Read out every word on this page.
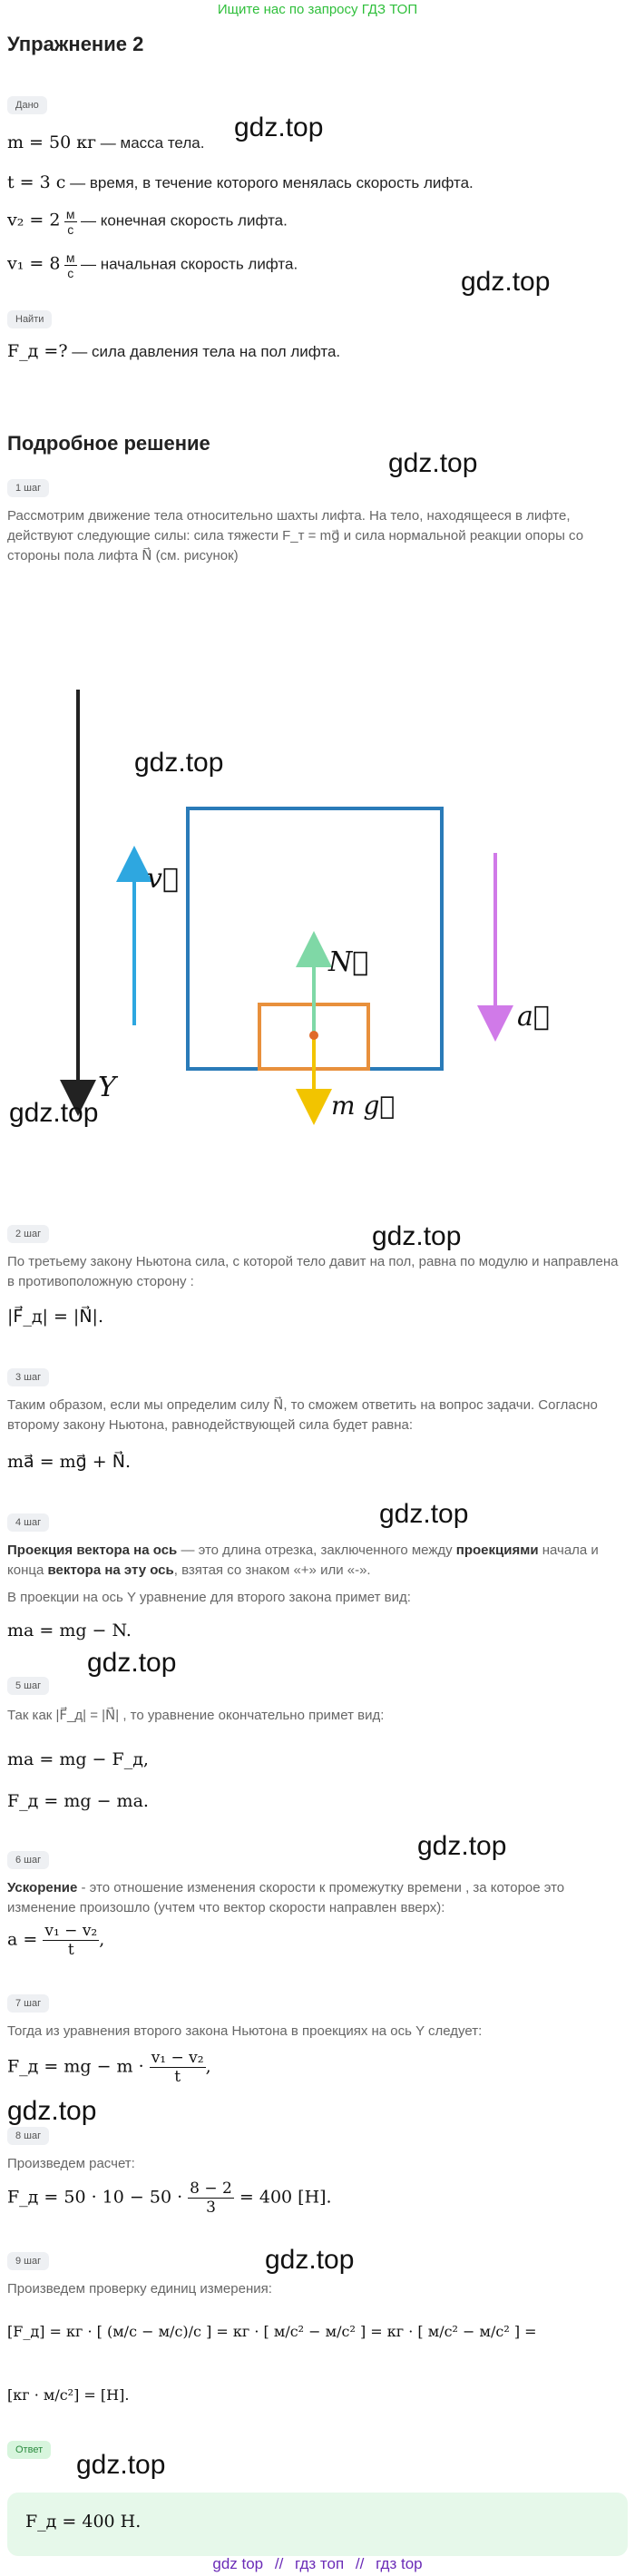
Ищите нас по запросу ГДЗ ТОП
Упражнение 2
Дано
m = 50 кг — масса тела.
t = 3 с — время, в течение которого менялась скорость лифта.
$v_2 = 2 \frac{м}{с}$ — конечная скорость лифта.
$v_1 = 8 \frac{м}{с}$ — начальная скорость лифта.
Найти
F_д =? — сила давления тела на пол лифта.
Подробное решение
1 шаг
Рассмотрим движение тела относительно шахты лифта. На тело, находящееся в лифте, действуют следующие силы: сила тяжести F_т = mg⃗ и сила нормальной реакции опоры со стороны пола лифта N⃗ (см. рисунок)
Y
v⃗
N⃗
m g⃗
a⃗
2 шаг
По третьему закону Ньютона сила, с которой тело давит на пол, равна по модулю и направлена в противоположную сторону :
|F⃗_д| = |N⃗|.
3 шаг
Таким образом, если мы определим силу N⃗, то сможем ответить на вопрос задачи. Согласно второму закону Ньютона, равнодействующей сила будет равна:
ma⃗ = mg⃗ + N⃗.
4 шаг
Проекция вектора на ось — это длина отрезка, заключенного между проекциями начала и конца вектора на эту ось, взятая со знаком «+» или «-».
В проекции на ось Y уравнение для второго закона примет вид:
ma = mg − N.
5 шаг
Так как |F⃗_д| = |N⃗| , то уравнение окончательно примет вид:
ma = mg − F_д,
F_д = mg − ma.
6 шаг
Ускорение - это отношение изменения скорости к промежутку времени , за которое это изменение произошло (учтем что вектор скорости направлен вверх):
$a = \frac{\text{v₁ − v₂}}{t}$ ,
7 шаг
Тогда из уравнения второго закона Ньютона в проекциях на ось Y следует:
F_д = mg − $m \cdot \frac{\text{v₁ − v₂}}{t}$ ,
8 шаг
Произведем расчет:
F_д = $50 \cdot 10 - 50 \cdot \frac{8 - 2}{3} = 400$ [Н].
9 шаг
Произведем проверку единиц измерения:
[F_д] = кг · [ (м/с − м/с)/с ] = кг · [ м/с² − м/с² ] = кг · [ м/с² − м/с² ] =
[кг · м/с²] = [Н].
Ответ
F_д = 400 Н.
gdz.top
gdz.top
gdz.top
gdz.top
gdz.top
gdz.top
gdz.top
gdz.top
gdz.top
gdz.top
gdz.top
gdz.top
gdz top // гдз топ // гдз top
